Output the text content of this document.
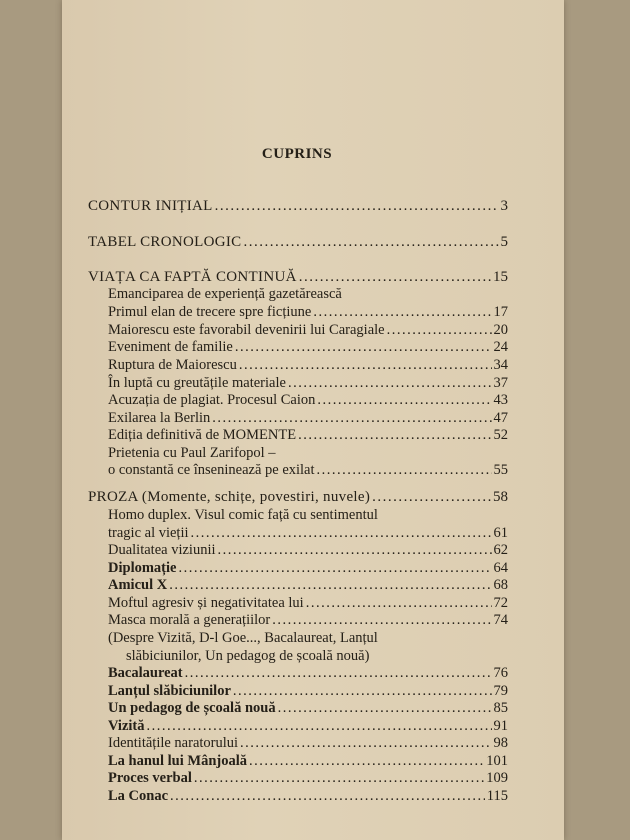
CUPRINS
CONTUR INIȚIAL .....	3
TABEL CRONOLOGIC .....	5
VIAȚA CA FAPTĂ CONTINUĂ .....	15
Emanciparea de experiență gazetărească
Primul elan de trecere spre ficțiune .....	17
Maiorescu este favorabil devenirii lui Caragiale .....	20
Eveniment de familie .....	24
Ruptura de Maiorescu .....	34
În luptă cu greutățile materiale .....	37
Acuzația de plagiat. Procesul Caion .....	43
Exilarea la Berlin .....	47
Ediția definitivă de MOMENTE .....	52
Prietenia cu Paul Zarifopol –
o constantă ce înseninează pe exilat .....	55
PROZA (Momente, schițe, povestiri, nuvele) .....	58
Homo duplex. Visul comic față cu sentimentul
tragic al vieții .....	61
Dualitatea viziunii .....	62
Diplomație .....	64
Amicul X .....	68
Moftul agresiv și negativitatea lui .....	72
Masca morală a generațiilor .....	74
(Despre Vizită, D-l Goe..., Bacalaureat, Lanțul
slăbiciunilor, Un pedagog de școală nouă)
Bacalaureat .....	76
Lanțul slăbiciunilor .....	79
Un pedagog de școală nouă .....	85
Vizită .....	91
Identitățile naratorului .....	98
La hanul lui Mânjoală .....	101
Proces verbal .....	109
La Conac .....	115
